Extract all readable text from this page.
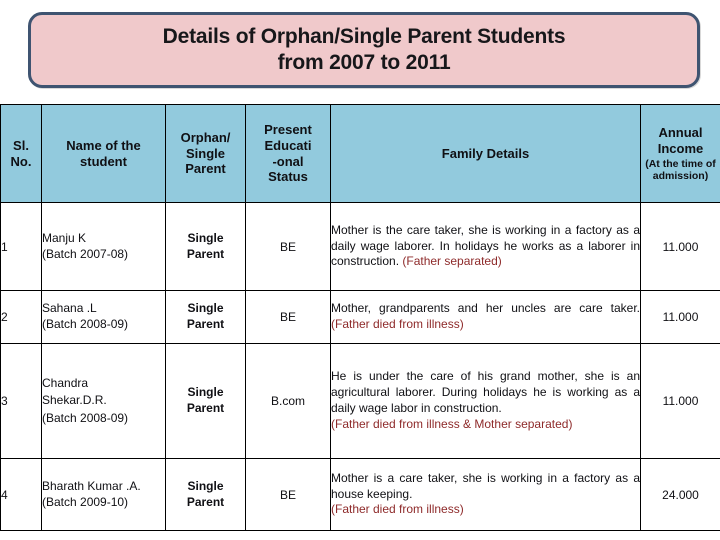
Details of Orphan/Single Parent Students
from 2007 to 2011
Sl.
No.	Name of the
student	Orphan/
Single
Parent	Present
Educati
-onal
Status	Family Details	Annual
Income
(At the time of admission)

1	Manju K
(Batch 2007-08)	Single
Parent	BE	Mother is the care taker, she is working in a factory as a daily wage laborer. In holidays he works as a laborer in construction. (Father separated)	11.000
2	Sahana .L
(Batch 2008-09)	Single
Parent	BE	Mother, grandparents and her uncles are care taker. (Father died from illness)	11.000
3	Chandra
Shekar.D.R.
(Batch 2008-09)	Single
Parent	B.com	He is under the care of his grand mother, she is an agricultural laborer. During holidays he is working as a daily wage labor in construction.
(Father died from illness & Mother separated)	11.000
4	Bharath Kumar .A.
(Batch 2009-10)	Single
Parent	BE	Mother is a care taker, she is working in a factory as a house keeping.
(Father died from illness)	24.000
